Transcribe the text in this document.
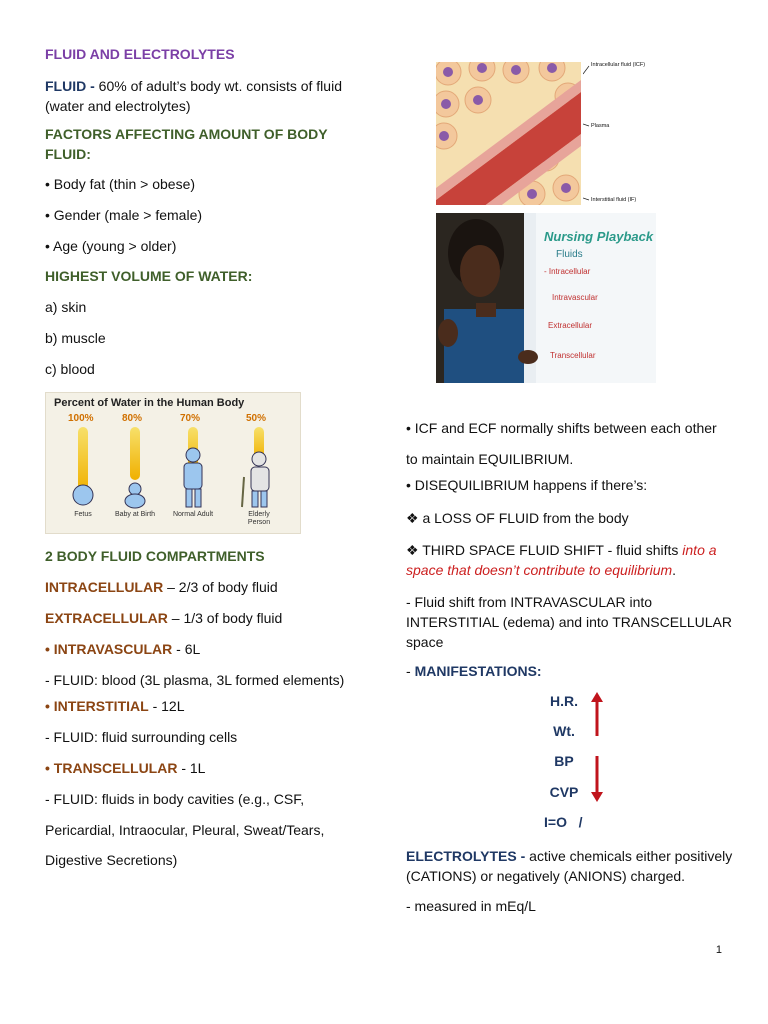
FLUID AND ELECTROLYTES

FLUID - 60% of adult’s body wt. consists of fluid (water and electrolytes)

FACTORS AFFECTING AMOUNT OF BODY FLUID:

• Body fat (thin > obese)

• Gender (male > female)

• Age (young > older)

HIGHEST VOLUME OF WATER:

a) skin

b) muscle

c) blood

Percent of Water in the Human Body
100%	80%	70%	50%
Fetus	Baby at Birth	Normal Adult	Elderly Person

2 BODY FLUID COMPARTMENTS

INTRACELLULAR – 2/3 of body fluid

EXTRACELLULAR – 1/3 of body fluid

• INTRAVASCULAR - 6L

- FLUID: blood (3L plasma, 3L formed elements)

• INTERSTITIAL - 12L

- FLUID: fluid surrounding cells

• TRANSCELLULAR - 1L

- FLUID: fluids in body cavities (e.g., CSF, Pericardial, Intraocular, Pleural, Sweat/Tears, Digestive Secretions)

Intracellular fluid (ICF)
Plasma
Interstitial fluid (IF)
Nursing Playback
Fluids
- Intracellular
Intravascular
Extracellular
Transcellular

• ICF and ECF normally shifts between each other to maintain EQUILIBRIUM.

• DISEQUILIBRIUM happens if there’s:

❖ a LOSS OF FLUID from the body

❖ THIRD SPACE FLUID SHIFT - fluid shifts into a space that doesn’t contribute to equilibrium.

- Fluid shift from INTRAVASCULAR into INTERSTITIAL (edema) and into TRANSCELLULAR space

- MANIFESTATIONS:

H.R.
Wt.
BP
CVP
I=O   /

ELECTROLYTES - active chemicals either positively (CATIONS) or negatively (ANIONS) charged.

- measured in mEq/L

1
